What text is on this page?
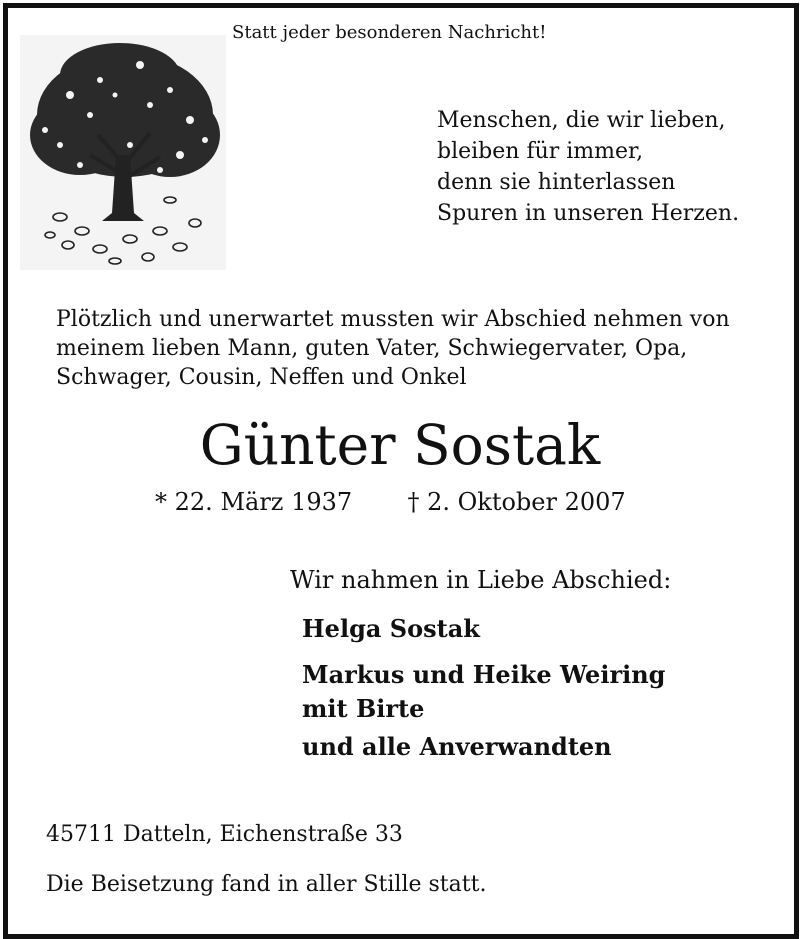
Statt jeder besonderen Nachricht!
Menschen, die wir lieben,
bleiben für immer,
denn sie hinterlassen
Spuren in unseren Herzen.
Plötzlich und unerwartet mussten wir Abschied nehmen von
meinem lieben Mann, guten Vater, Schwiegervater, Opa,
Schwager, Cousin, Neffen und Onkel
Günter Sostak
* 22. März 1937 † 2. Oktober 2007
Wir nahmen in Liebe Abschied:
Helga Sostak
Markus und Heike Weiring
mit Birte
und alle Anverwandten
45711 Datteln, Eichenstraße 33
Die Beisetzung fand in aller Stille statt.
